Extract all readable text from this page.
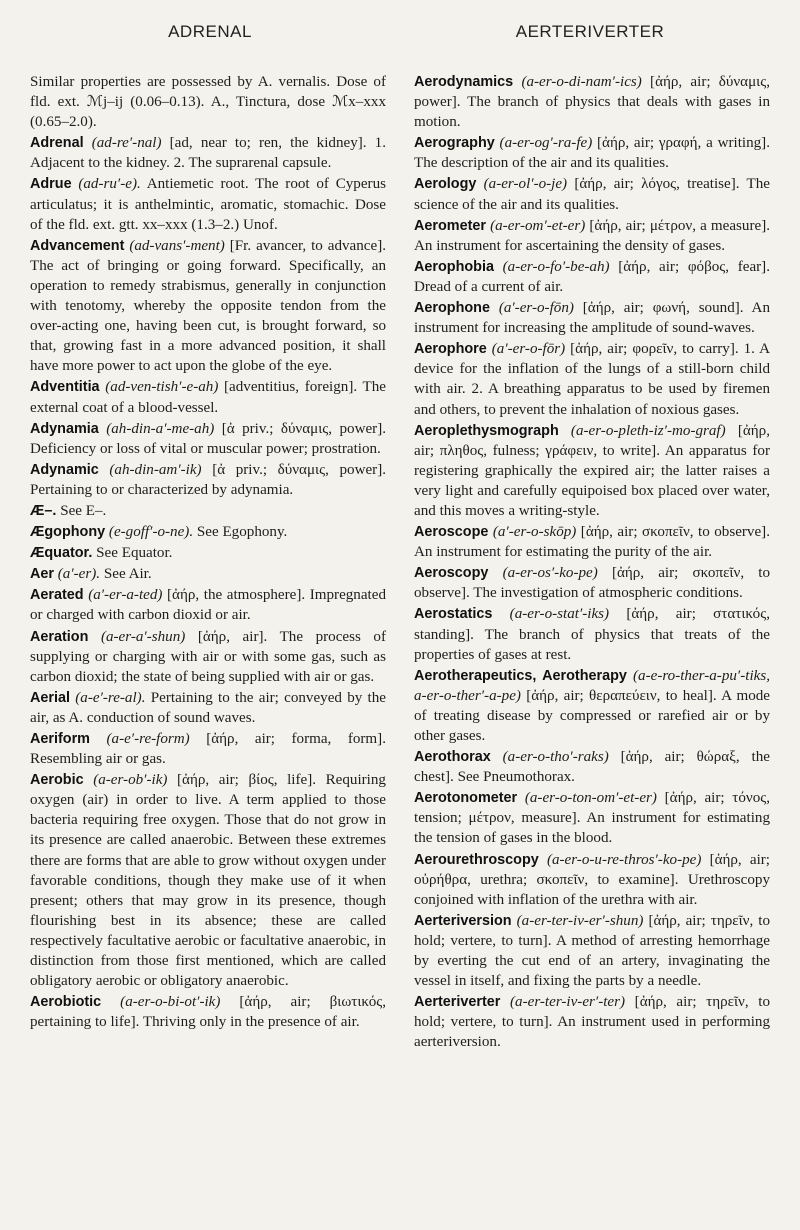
ADRENAL	AERTERIVERTER

Similar properties are possessed by A. vernalis. Dose of fld. ext. ℳj–ij (0.06–0.13). A., Tinctura, dose ℳx–xxx (0.65–2.0).

Adrenal (ad-re′-nal) [ad, near to; ren, the kidney]. 1. Adjacent to the kidney. 2. The suprarenal capsule.

Adrue (ad-ru′-e). Antiemetic root. The root of Cyperus articulatus; it is anthelmintic, aromatic, stomachic. Dose of the fld. ext. gtt. xx–xxx (1.3–2.) Unof.

Advancement (ad-vans′-ment) [Fr. avancer, to advance]. The act of bringing or going forward. Specifically, an operation to remedy strabismus, generally in conjunction with tenotomy, whereby the opposite tendon from the over-acting one, having been cut, is brought forward, so that, growing fast in a more advanced position, it shall have more power to act upon the globe of the eye.

Adventitia (ad-ven-tish′-e-ah) [adventitius, foreign]. The external coat of a blood-vessel.

Adynamia (ah-din-a′-me-ah) [ἀ priv.; δύναμις, power]. Deficiency or loss of vital or muscular power; prostration.

Adynamic (ah-din-am′-ik) [ἀ priv.; δύναμις, power]. Pertaining to or characterized by adynamia.

Æ–. See E–.

Ægophony (e-goff′-o-ne). See Egophony.

Æquator. See Equator.

Aer (a′-er). See Air.

Aerated (a′-er-a-ted) [ἀήρ, the atmosphere]. Impregnated or charged with carbon dioxid or air.

Aeration (a-er-a′-shun) [ἀήρ, air]. The process of supplying or charging with air or with some gas, such as carbon dioxid; the state of being supplied with air or gas.

Aerial (a-e′-re-al). Pertaining to the air; conveyed by the air, as A. conduction of sound waves.

Aeriform (a-e′-re-form) [ἀήρ, air; forma, form]. Resembling air or gas.

Aerobic (a-er-ob′-ik) [ἀήρ, air; βίος, life]. Requiring oxygen (air) in order to live. A term applied to those bacteria requiring free oxygen. Those that do not grow in its presence are called anaerobic. Between these extremes there are forms that are able to grow without oxygen under favorable conditions, though they make use of it when present; others that may grow in its presence, though flourishing best in its absence; these are called respectively facultative aerobic or facultative anaerobic, in distinction from those first mentioned, which are called obligatory aerobic or obligatory anaerobic.

Aerobiotic (a-er-o-bi-ot′-ik) [ἀήρ, air; βιωτικός, pertaining to life]. Thriving only in the presence of air.

Aerodynamics (a-er-o-di-nam′-ics) [ἀήρ, air; δύναμις, power]. The branch of physics that deals with gases in motion.

Aerography (a-er-og′-ra-fe) [ἀήρ, air; γραφή, a writing]. The description of the air and its qualities.

Aerology (a-er-ol′-o-je) [ἀήρ, air; λόγος, treatise]. The science of the air and its qualities.

Aerometer (a-er-om′-et-er) [ἀήρ, air; μέτρον, a measure]. An instrument for ascertaining the density of gases.

Aerophobia (a-er-o-fo′-be-ah) [ἀήρ, air; φόβος, fear]. Dread of a current of air.

Aerophone (a′-er-o-fōn) [ἀήρ, air; φωνή, sound]. An instrument for increasing the amplitude of sound-waves.

Aerophore (a′-er-o-fōr) [ἀήρ, air; φορεῖν, to carry]. 1. A device for the inflation of the lungs of a still-born child with air. 2. A breathing apparatus to be used by firemen and others, to prevent the inhalation of noxious gases.

Aeroplethysmograph (a-er-o-pleth-iz′-mo-graf) [ἀήρ, air; πληθος, fulness; γράφειν, to write]. An apparatus for registering graphically the expired air; the latter raises a very light and carefully equipoised box placed over water, and this moves a writing-style.

Aeroscope (a′-er-o-skōp) [ἀήρ, air; σκοπεῖν, to observe]. An instrument for estimating the purity of the air.

Aeroscopy (a-er-os′-ko-pe) [ἀήρ, air; σκοπεῖν, to observe]. The investigation of atmospheric conditions.

Aerostatics (a-er-o-stat′-iks) [ἀήρ, air; στατικός, standing]. The branch of physics that treats of the properties of gases at rest.

Aerotherapeutics, Aerotherapy (a-e-ro-ther-a-pu′-tiks, a-er-o-ther′-a-pe) [ἀήρ, air; θεραπεύειν, to heal]. A mode of treating disease by compressed or rarefied air or by other gases.

Aerothorax (a-er-o-tho′-raks) [ἀήρ, air; θώραξ, the chest]. See Pneumothorax.

Aerotonometer (a-er-o-ton-om′-et-er) [ἀήρ, air; τόνος, tension; μέτρον, measure]. An instrument for estimating the tension of gases in the blood.

Aerourethroscopy (a-er-o-u-re-thros′-ko-pe) [ἀήρ, air; οὐρήθρα, urethra; σκοπεῖν, to examine]. Urethroscopy conjoined with inflation of the urethra with air.

Aerteriversion (a-er-ter-iv-er′-shun) [ἀήρ, air; τηρεῖν, to hold; vertere, to turn]. A method of arresting hemorrhage by everting the cut end of an artery, invaginating the vessel in itself, and fixing the parts by a needle.

Aerteriverter (a-er-ter-iv-er′-ter) [ἀήρ, air; τηρεῖν, to hold; vertere, to turn]. An instrument used in performing aerteriversion.
